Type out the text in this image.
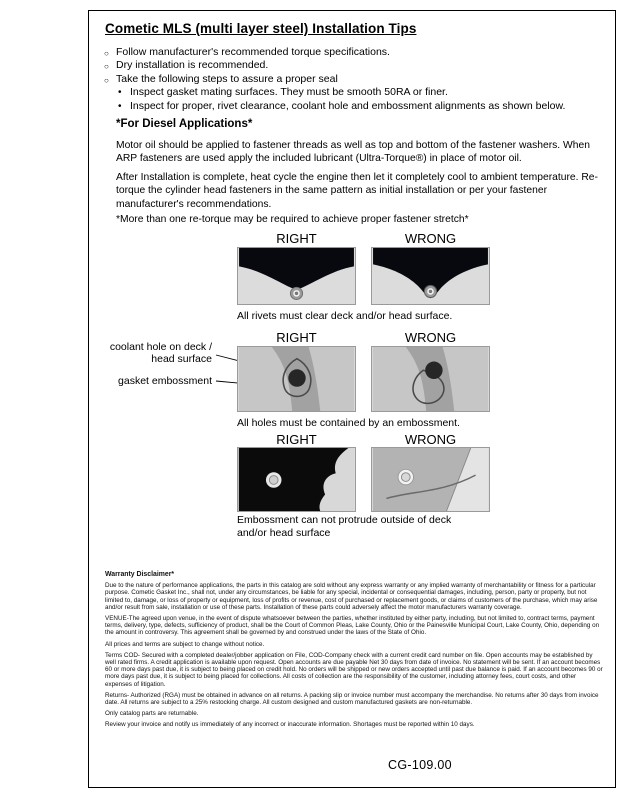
Cometic MLS (multi layer steel) Installation Tips
○
Follow manufacturer's recommended torque specifications.
○
Dry installation is recommended.
○
Take the following steps to assure a proper seal
•
Inspect gasket mating surfaces. They must be smooth 50RA or finer.
•
Inspect for proper, rivet clearance, coolant hole and embossment alignments as shown below.
*For Diesel Applications*

Motor oil should be applied to fastener threads as well as top and bottom of the fastener washers. When ARP fasteners are used apply the included lubricant (Ultra-Torque®) in place of motor oil.

After Installation is complete, heat cycle the engine then let it completely cool to ambient temperature. Re-torque the cylinder head fasteners in the same pattern as initial installation or per your fastener manufacturer's recommendations.

*More than one re-torque may be required to achieve proper fastener stretch*

RIGHT	WRONG
All rivets must clear deck and/or head surface.
RIGHT	WRONG
coolant hole on deck / head surface
gasket embossment
All holes must be contained by an embossment.
RIGHT	WRONG
Embossment can not protrude outside of deck and/or head surface
Warranty Disclaimer*

Due to the nature of performance applications, the parts in this catalog are sold without any express warranty or any implied warranty of merchantability or fitness for a particular purpose. Cometic Gasket Inc., shall not, under any circumstances, be liable for any special, incidental or consequential damages, including, person, party or property, but not limited to, damage, or loss of property or equipment, loss of profits or revenue, cost of purchased or replacement goods, or claims of customers of the purchase, which may arise and/or result from sale, installation or use of these parts. Installation of these parts could adversely affect the motor manufacturers warranty coverage.

VENUE-The agreed upon venue, in the event of dispute whatsoever between the parties, whether instituted by either party, including, but not limited to, contract terms, payment terms, delivery, type, defects, sufficiency of product, shall be the Court of Common Pleas, Lake County, Ohio or the Painesville Municipal Court, Lake County, Ohio, depending on the amount in controversy. This agreement shall be governed by and construed under the laws of the State of Ohio.

All prices and terms are subject to change without notice.

Terms COD- Secured with a completed dealer/jobber application on File, COD-Company check with a current credit card number on file. Open accounts may be established by well rated firms. A credit application is available upon request. Open accounts are due payable Net 30 days from date of invoice. No statement will be sent. If an account becomes 60 or more days past due, it is subject to being placed on credit hold. No orders will be shipped or new orders accepted until past due balance is paid. If an account becomes 90 or more days past due, it is subject to being placed for collections. All costs of collection are the responsibility of the customer, including attorney fees, court costs, and other expenses of litigation.

Returns- Authorized (RGA) must be obtained in advance on all returns. A packing slip or invoice number must accompany the merchandise. No returns after 30 days from invoice date. All returns are subject to a 25% restocking charge. All custom designed and custom manufactured gaskets are non-returnable.

Only catalog parts are returnable.

Review your invoice and notify us immediately of any incorrect or inaccurate information. Shortages must be reported within 10 days.

CG-109.00
